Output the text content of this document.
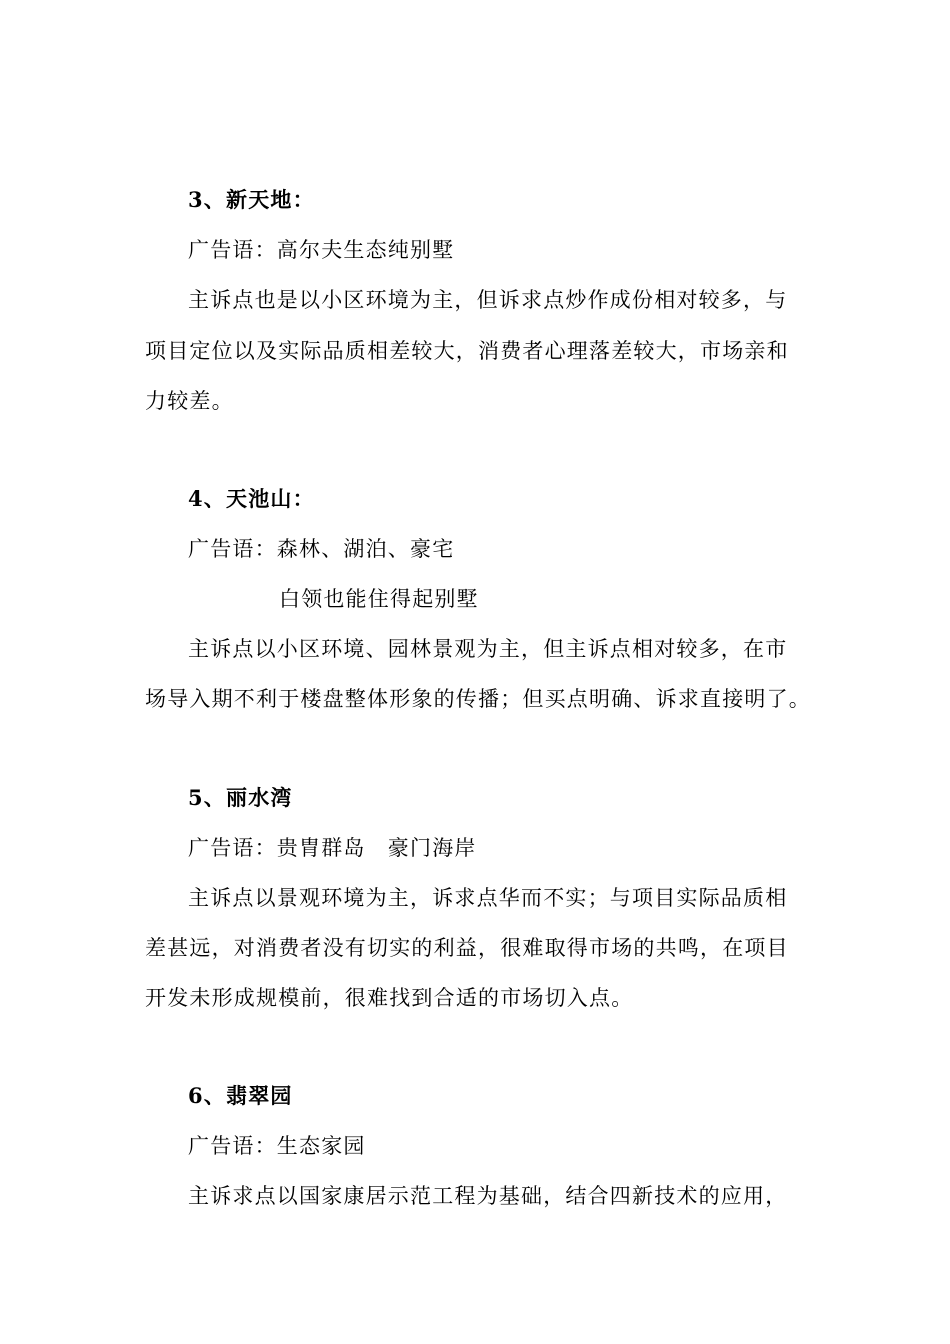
3、新天地：
广告语：高尔夫生态纯别墅
主诉点也是以小区环境为主，但诉求点炒作成份相对较多，与
项目定位以及实际品质相差较大，消费者心理落差较大，市场亲和
力较差。
4、天池山：
广告语：森林、湖泊、豪宅
白领也能住得起别墅
主诉点以小区环境、园林景观为主，但主诉点相对较多，在市
场导入期不利于楼盘整体形象的传播；但买点明确、诉求直接明了。
5、丽水湾
广告语：贵胄群岛　豪门海岸
主诉点以景观环境为主，诉求点华而不实；与项目实际品质相
差甚远，对消费者没有切实的利益，很难取得市场的共鸣，在项目
开发未形成规模前，很难找到合适的市场切入点。
6、翡翠园
广告语：生态家园
主诉求点以国家康居示范工程为基础，结合四新技术的应用，
